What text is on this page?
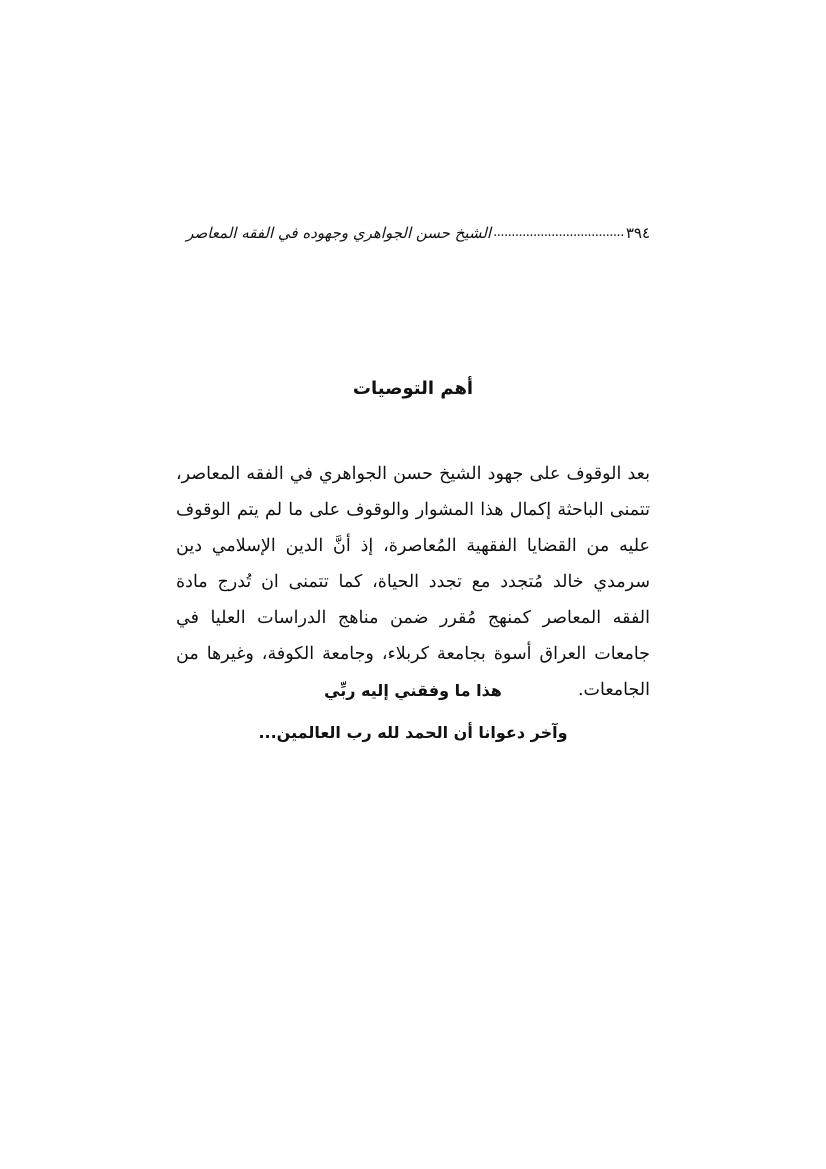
٣٩٤
....................................
الشيخ حسن الجواهري وجهوده في الفقه المعاصر
أهم التوصيات

بعد الوقوف على جهود الشيخ حسن الجواهري في الفقه المعاصر، تتمنى الباحثة إكمال هذا المشوار والوقوف على ما لم يتم الوقوف عليه من القضايا الفقهية المُعاصرة، إذ أنَّ الدين الإسلامي دين سرمدي خالد مُتجدد مع تجدد الحياة، كما تتمنى ان تُدرج مادة الفقه المعاصر كمنهج مُقرر ضمن مناهج الدراسات العليا في جامعات العراق أسوة بجامعة كربلاء، وجامعة الكوفة، وغيرها من الجامعات.

هذا ما وفقني إليه ربِّي
وآخر دعوانا أن الحمد لله رب العالمين...
